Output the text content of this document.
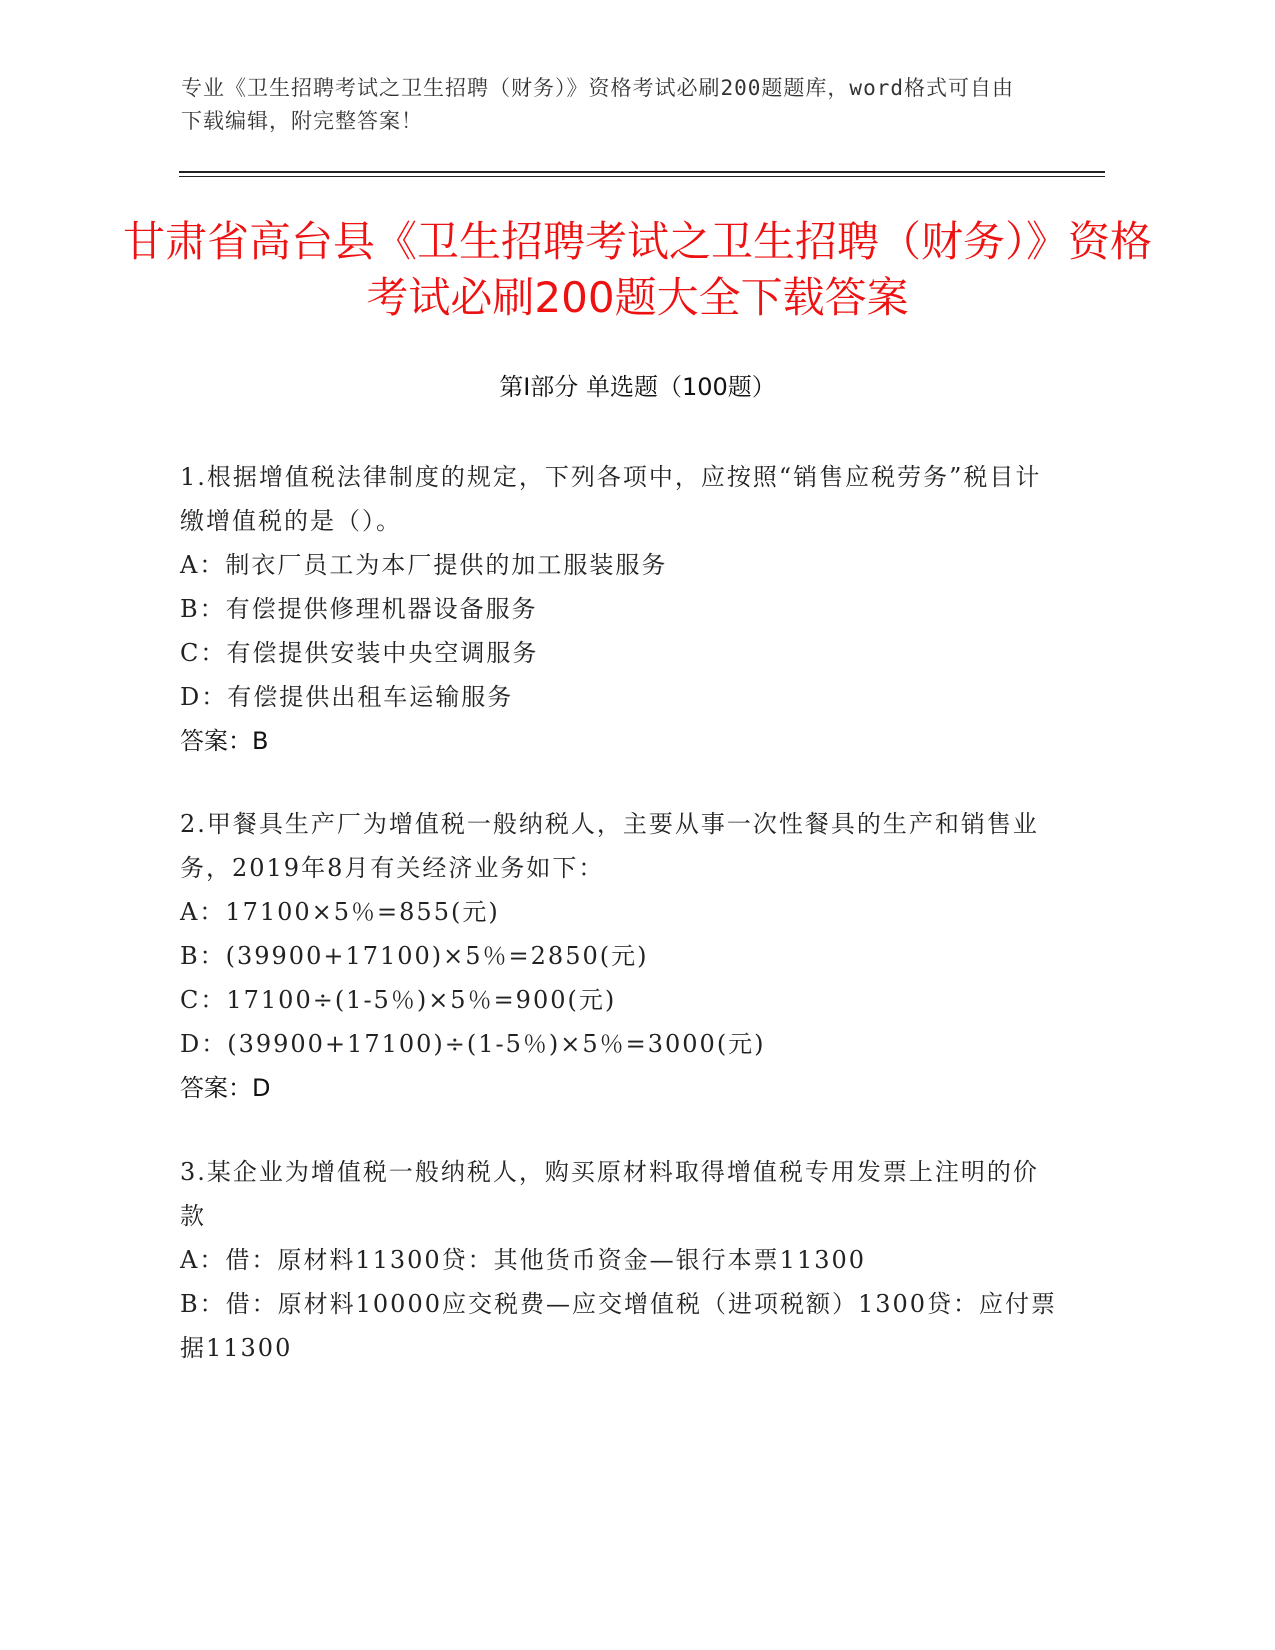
专业《卫生招聘考试之卫生招聘（财务）》资格考试必刷200题题库，word格式可自由下载编辑，附完整答案！
甘肃省高台县《卫生招聘考试之卫生招聘（财务）》资格考试必刷200题大全下载答案
第Ⅰ部分 单选题（100题）
1.根据增值税法律制度的规定，下列各项中，应按照“销售应税劳务”税目计缴增值税的是（）。
A：制衣厂员工为本厂提供的加工服装服务
B：有偿提供修理机器设备服务
C：有偿提供安装中央空调服务
D：有偿提供出租车运输服务
答案：B
2.甲餐具生产厂为增值税一般纳税人，主要从事一次性餐具的生产和销售业务，2019年8月有关经济业务如下：
A：17100×5％=855(元)
B：(39900+17100)×5％=2850(元)
C：17100÷(1-5％)×5％=900(元)
D：(39900+17100)÷(1-5％)×5％=3000(元)
答案：D
3.某企业为增值税一般纳税人，购买原材料取得增值税专用发票上注明的价款
A：借：原材料11300贷：其他货币资金—银行本票11300
B：借：原材料10000应交税费—应交增值税（进项税额）1300贷：应付票据11300
